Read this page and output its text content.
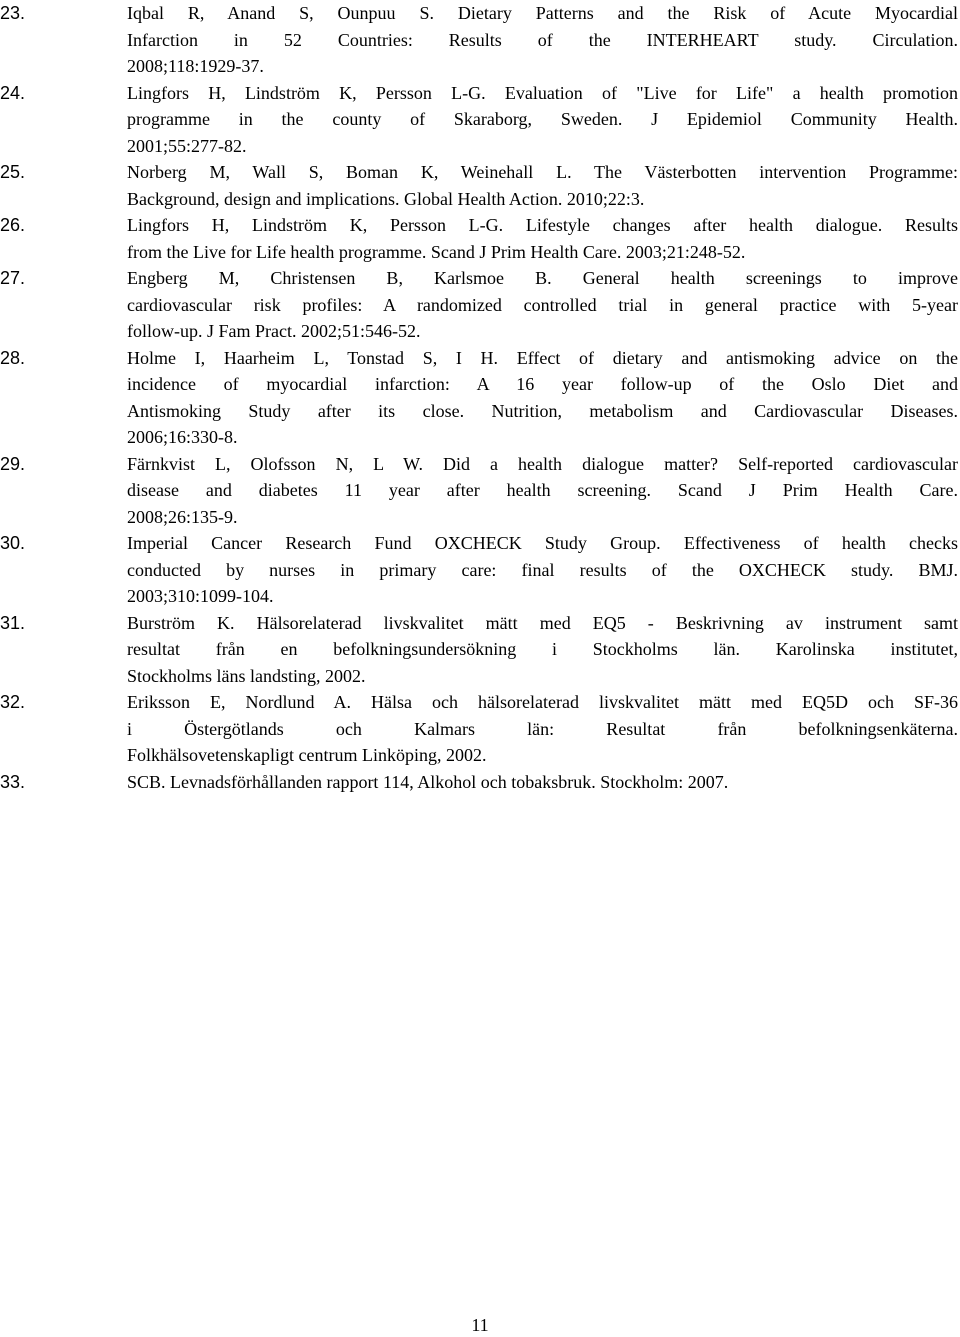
23.	Iqbal R, Anand S, Ounpuu S. Dietary Patterns and the Risk of Acute Myocardial
Infarction in 52 Countries: Results of the INTERHEART study. Circulation.
2008;118:1929-37.
24.	Lingfors H, Lindström K, Persson L-G. Evaluation of "Live for Life" a health promotion
programme in the county of Skaraborg, Sweden. J Epidemiol Community Health.
2001;55:277-82.
25.	Norberg M, Wall S, Boman K, Weinehall L. The Västerbotten intervention Programme:
Background, design and implications. Global Health Action. 2010;22:3.
26.	Lingfors H, Lindström K, Persson L-G. Lifestyle changes after health dialogue. Results
from the Live for Life health programme. Scand J Prim Health Care. 2003;21:248-52.
27.	Engberg M, Christensen B, Karlsmoe B. General health screenings to improve
cardiovascular risk profiles: A randomized controlled trial in general practice with 5-year
follow-up. J Fam Pract. 2002;51:546-52.
28.	Holme I, Haarheim L, Tonstad S, I H. Effect of dietary and antismoking advice on the
incidence of myocardial infarction: A 16 year follow-up of the Oslo Diet and
Antismoking Study after its close. Nutrition, metabolism and Cardiovascular Diseases.
2006;16:330-8.
29.	Färnkvist L, Olofsson N, L W. Did a health dialogue matter? Self-reported cardiovascular
disease and diabetes 11 year after health screening. Scand J Prim Health Care.
2008;26:135-9.
30.	Imperial Cancer Research Fund OXCHECK Study Group. Effectiveness of health checks
conducted by nurses in primary care: final results of the OXCHECK study. BMJ.
2003;310:1099-104.
31.	Burström K. Hälsorelaterad livskvalitet mätt med EQ5 - Beskrivning av instrument samt
resultat från en befolkningsundersökning i Stockholms län. Karolinska institutet,
Stockholms läns landsting, 2002.
32.	Eriksson E, Nordlund A. Hälsa och hälsorelaterad livskvalitet mätt med EQ5D och SF-36
i Östergötlands och Kalmars län: Resultat från befolkningsenkäterna.
Folkhälsovetenskapligt centrum Linköping, 2002.
33.	SCB. Levnadsförhållanden rapport 114, Alkohol och tobaksbruk. Stockholm: 2007.
11
